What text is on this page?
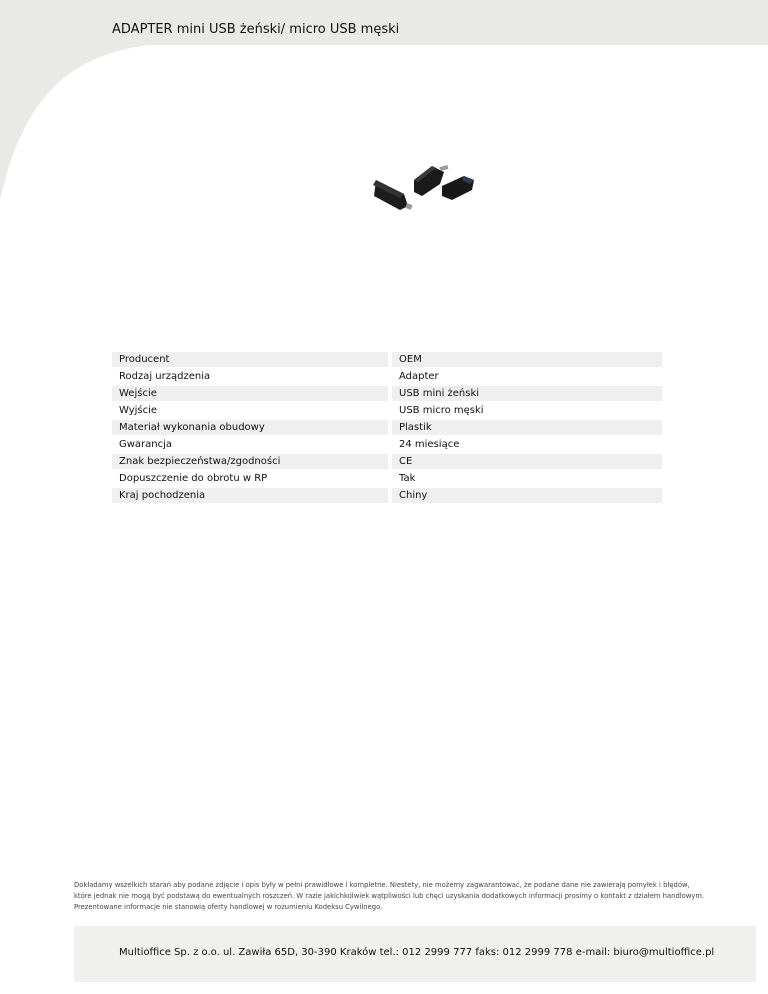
ADAPTER mini USB żeński/ micro USB męski
Producent		OEM
Rodzaj urządzenia		Adapter
Wejście		USB mini żeński
Wyjście		USB micro męski
Materiał wykonania obudowy		Plastik
Gwarancja		24 miesiące
Znak bezpieczeństwa/zgodności		CE
Dopuszczenie do obrotu w RP		Tak
Kraj pochodzenia		Chiny

Dokładamy wszelkich starań aby podane zdjęcie i opis były w pełni prawidłowe i kompletne. Niestety, nie możemy zagwarantować, że podane dane nie zawierają pomyłek i błędów,

które jednak nie mogą być podstawą do ewentualnych roszczeń. W razie jakichkolwiek wątpliwości lub chęci uzyskania dodatkowych informacji prosimy o kontakt z działem handlowym.

Prezentowane informacje nie stanowią oferty handlowej w rozumieniu Kodeksu Cywilnego.

Multioffice Sp. z o.o. ul. Zawiła 65D, 30-390 Kraków tel.: 012 2999 777 faks: 012 2999 778 e-mail: biuro@multioffice.pl
